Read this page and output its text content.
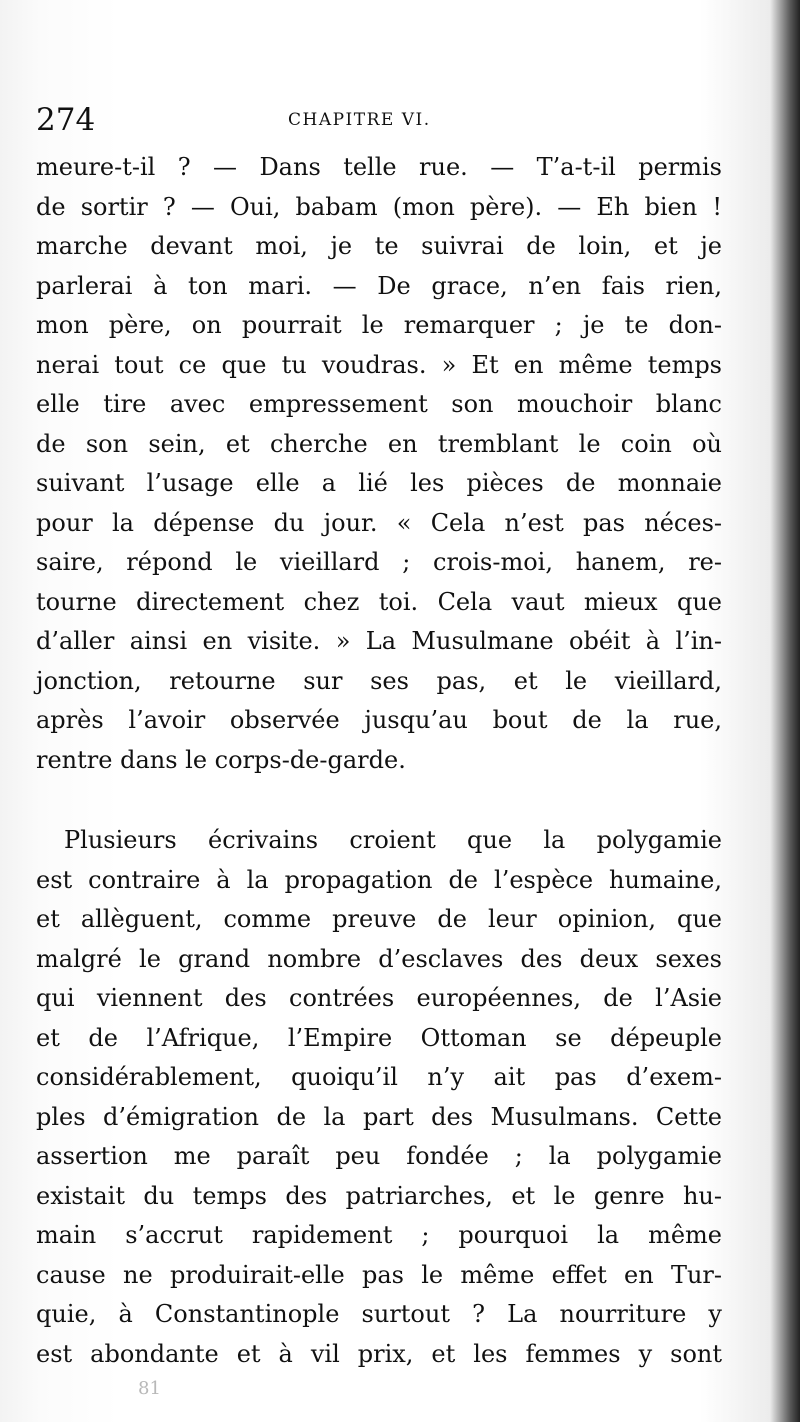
274	CHAPITRE VI.
meure-t-il ? — Dans telle rue. — T’a-t-il permis
de sortir ? — Oui, babam (mon père). — Eh bien !
marche devant moi, je te suivrai de loin, et je
parlerai à ton mari. — De grace, n’en fais rien,
mon père, on pourrait le remarquer ; je te don-
nerai tout ce que tu voudras. » Et en même temps
elle tire avec empressement son mouchoir blanc
de son sein, et cherche en tremblant le coin où
suivant l’usage elle a lié les pièces de monnaie
pour la dépense du jour. « Cela n’est pas néces-
saire, répond le vieillard ; crois-moi, hanem, re-
tourne directement chez toi. Cela vaut mieux que
d’aller ainsi en visite. » La Musulmane obéit à l’in-
jonction, retourne sur ses pas, et le vieillard,
après l’avoir observée jusqu’au bout de la rue,
rentre dans le corps-de-garde.
Plusieurs écrivains croient que la polygamie
est contraire à la propagation de l’espèce humaine,
et allèguent, comme preuve de leur opinion, que
malgré le grand nombre d’esclaves des deux sexes
qui viennent des contrées européennes, de l’Asie
et de l’Afrique, l’Empire Ottoman se dépeuple
considérablement, quoiqu’il n’y ait pas d’exem-
ples d’émigration de la part des Musulmans. Cette
assertion me paraît peu fondée ; la polygamie
existait du temps des patriarches, et le genre hu-
main s’accrut rapidement ; pourquoi la même
cause ne produirait-elle pas le même effet en Tur-
quie, à Constantinople surtout ? La nourriture y
est abondante et à vil prix, et les femmes y sont
81
